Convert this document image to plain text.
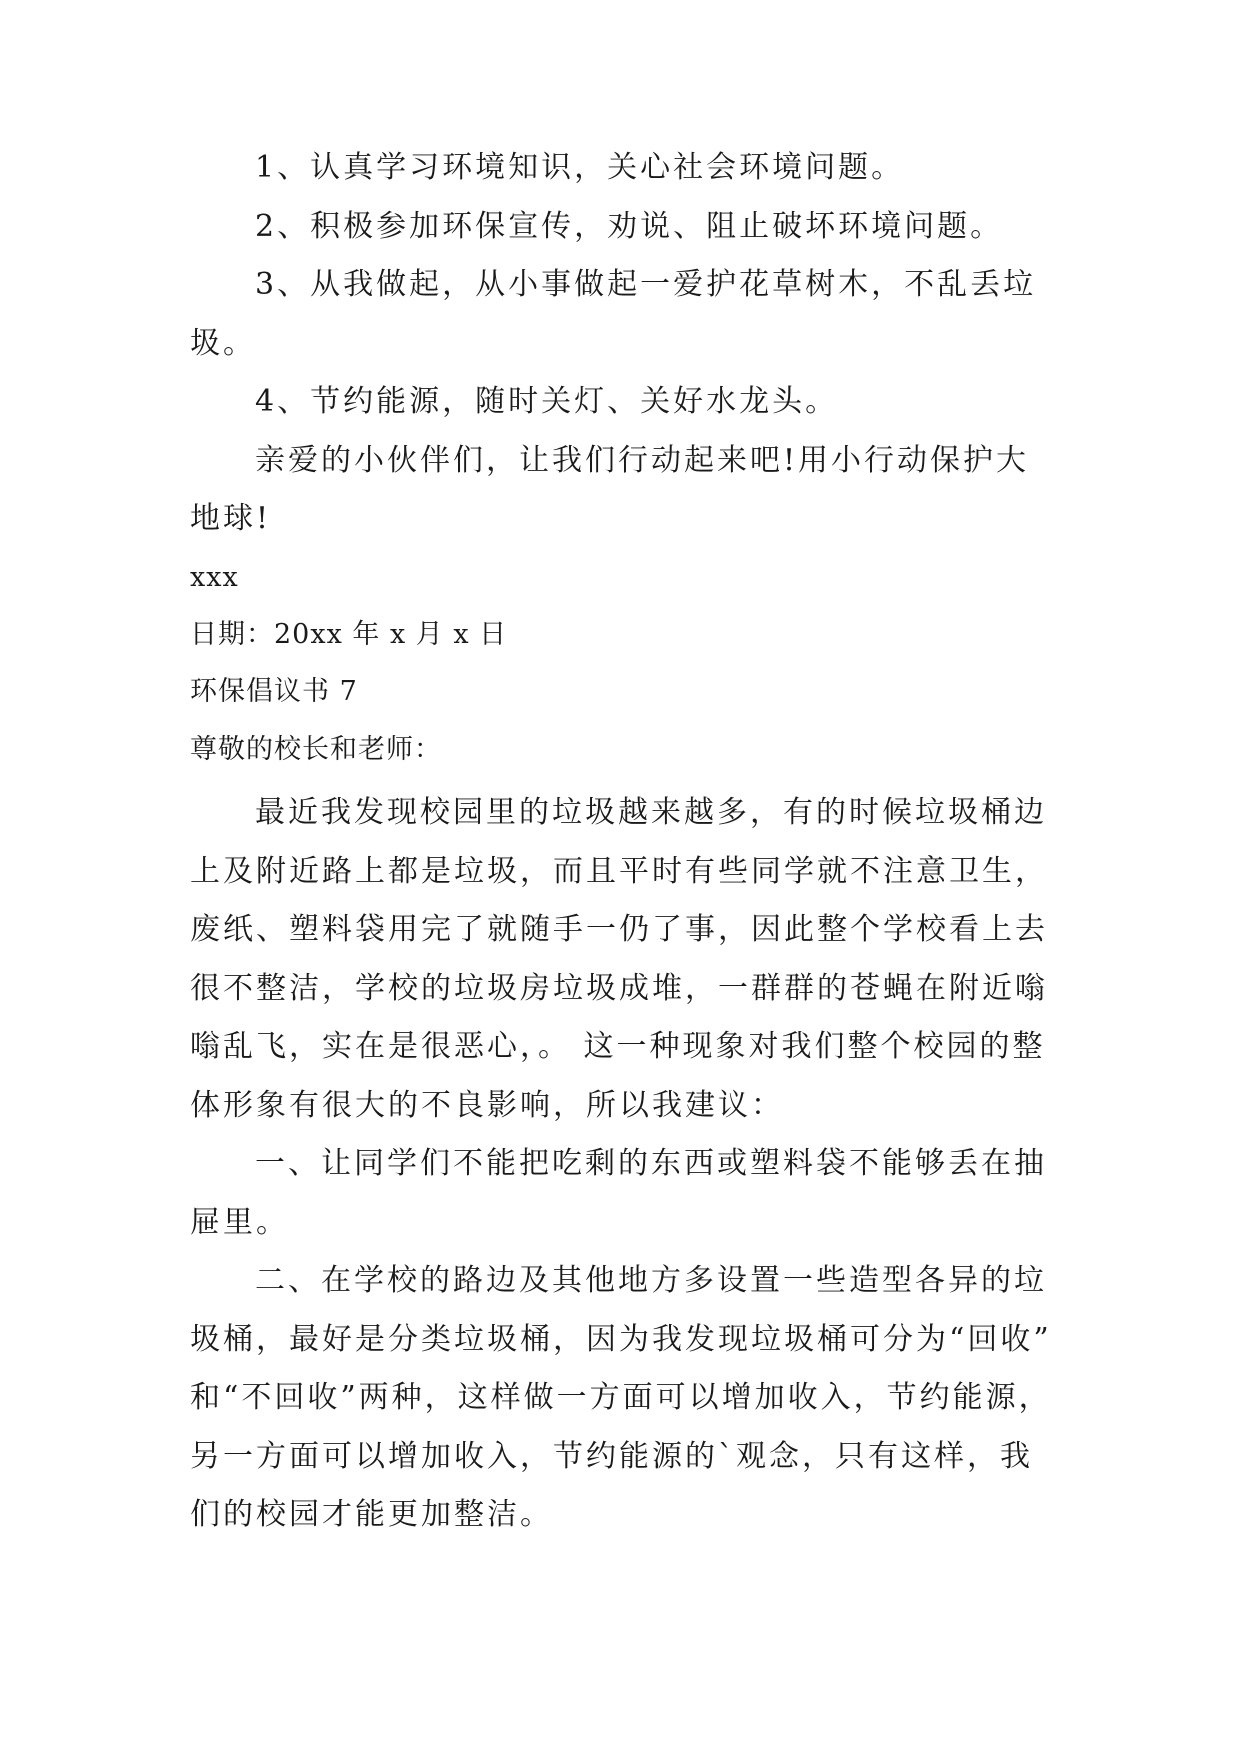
1、认真学习环境知识，关心社会环境问题。
2、积极参加环保宣传，劝说、阻止破坏环境问题。
3、从我做起，从小事做起一爱护花草树木，不乱丢垃
圾。
4、节约能源，随时关灯、关好水龙头。
亲爱的小伙伴们，让我们行动起来吧!用小行动保护大
地球!
xxx
日期：20xx 年 x 月 x 日
环保倡议书 7
尊敬的校长和老师：
最近我发现校园里的垃圾越来越多，有的时候垃圾桶边
上及附近路上都是垃圾，而且平时有些同学就不注意卫生，
废纸、塑料袋用完了就随手一仍了事，因此整个学校看上去
很不整洁，学校的垃圾房垃圾成堆，一群群的苍蝇在附近嗡
嗡乱飞，实在是很恶心，。 这一种现象对我们整个校园的整
体形象有很大的不良影响，所以我建议：
一、让同学们不能把吃剩的东西或塑料袋不能够丢在抽
屉里。
二、在学校的路边及其他地方多设置一些造型各异的垃
圾桶，最好是分类垃圾桶，因为我发现垃圾桶可分为“回收”
和“不回收”两种，这样做一方面可以增加收入，节约能源，
另一方面可以增加收入，节约能源的`观念，只有这样，我
们的校园才能更加整洁。
